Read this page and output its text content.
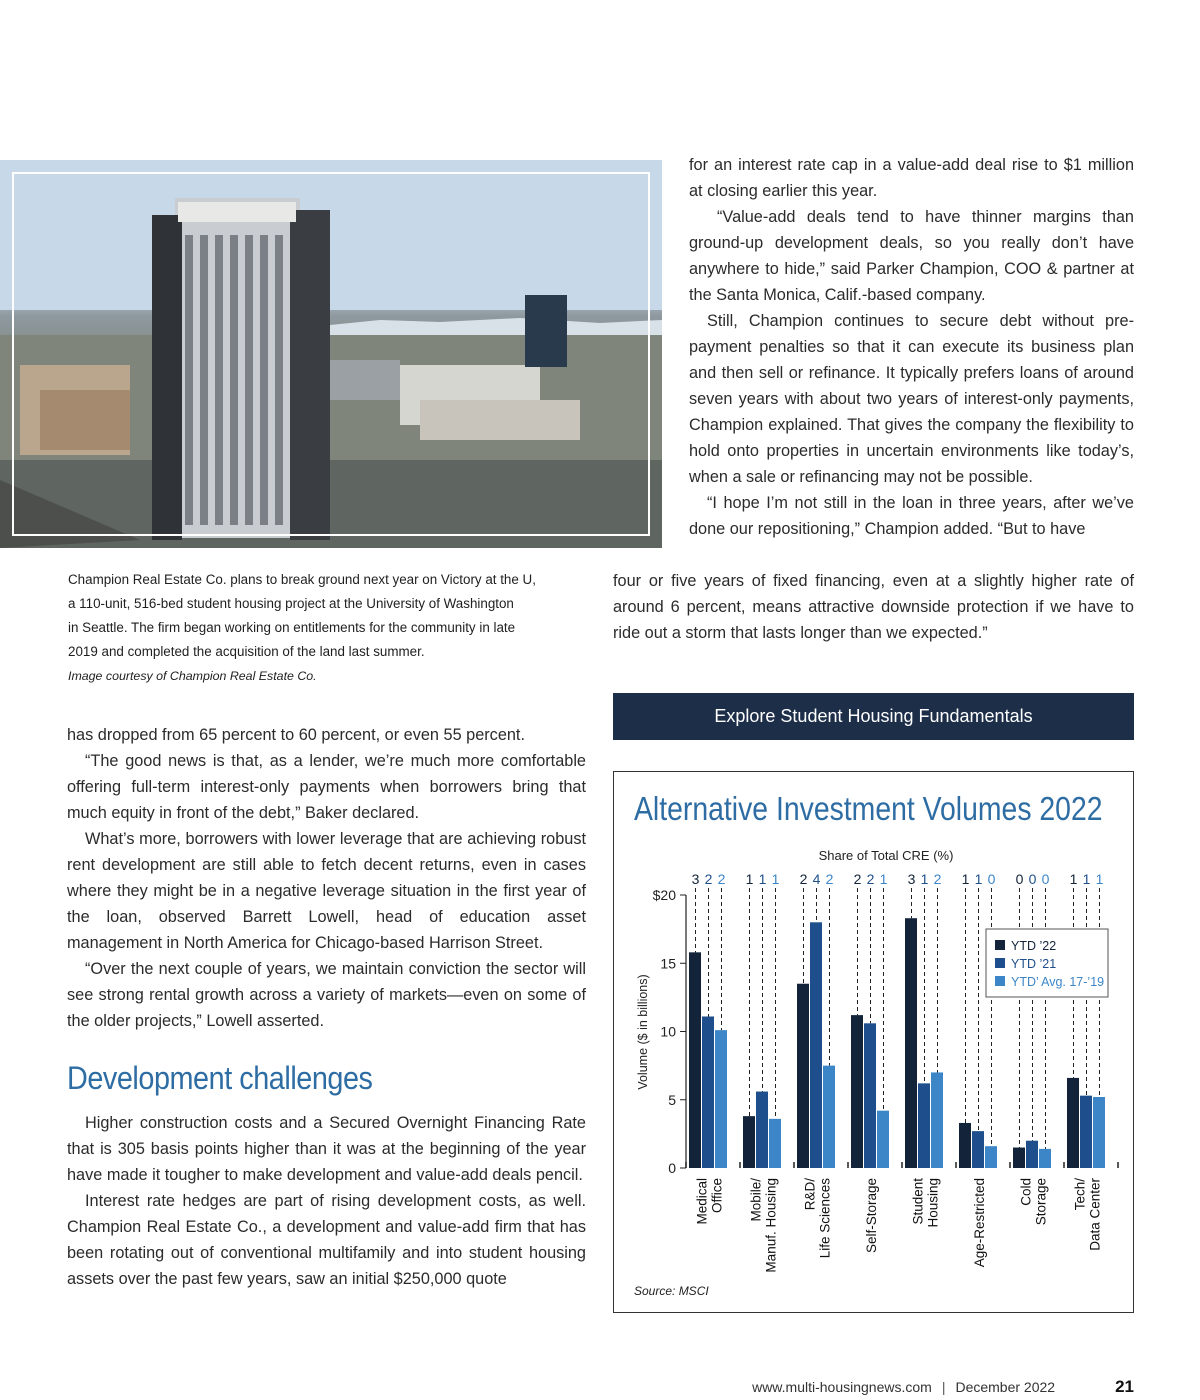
Champion Real Estate Co. plans to break ground next year on Victory at the U,
a 110-unit, 516-bed student housing project at the University of Washington
in Seattle. The firm began working on entitlements for the community in late
2019 and completed the acquisition of the land last summer.
Image courtesy of Champion Real Estate Co.

for an interest rate cap in a value-add deal rise to $1 million at closing earlier this year.

“Value-add deals tend to have thinner margins than ground-up development deals, so you really don’t have anywhere to hide,” said Parker Champion, COO & partner at the Santa Monica, Calif.-based company.

Still, Champion continues to secure debt without pre-payment penalties so that it can execute its business plan and then sell or refinance. It typically prefers loans of around seven years with about two years of interest-only payments, Champion explained. That gives the company the flexibility to hold onto properties in uncertain environments like today’s, when a sale or refinancing may not be possible.

“I hope I’m not still in the loan in three years, after we’ve done our repositioning,” Champion added. “But to have

four or five years of fixed financing, even at a slightly higher rate of around 6 percent, means attractive downside protection if we have to ride out a storm that lasts longer than we expected.”

has dropped from 65 percent to 60 percent, or even 55 percent.

“The good news is that, as a lender, we’re much more comfortable offering full-term interest-only payments when borrowers bring that much equity in front of the debt,” Baker declared.

What’s more, borrowers with lower leverage that are achieving robust rent development are still able to fetch decent returns, even in cases where they might be in a negative leverage situation in the first year of the loan, observed Barrett Lowell, head of education asset management in North America for Chicago-based Harrison Street.

“Over the next couple of years, we maintain conviction the sector will see strong rental growth across a variety of markets—even on some of the older projects,” Lowell asserted.

Development challenges

Higher construction costs and a Secured Overnight Financing Rate that is 305 basis points higher than it was at the beginning of the year have made it tougher to make development and value-add deals pencil.

Interest rate hedges are part of rising development costs, as well. Champion Real Estate Co., a development and value-add firm that has been rotating out of conventional multifamily and into student housing assets over the past few years, saw an initial $250,000 quote

Explore Student Housing Fundamentals
Alternative Investment Volumes 2022
Share of Total CRE (%)
Volume ($ in billions)
0
5
10
15
$20
3 2 2
Medical Office
1 1 1
Mobile/ Manuf. Housing
2 4 2
R&D/ Life Sciences
2 2 1
Self-Storage
3 1 2
Student Housing
1 1 0
Age-Restricted
0 0 0
Cold Storage
1 1 1
Tech/ Data Center
YTD ’22
YTD ’21
YTD’ Avg. 17-’19
Source: MSCI
www.multi-housingnews.com | December 2022	21
